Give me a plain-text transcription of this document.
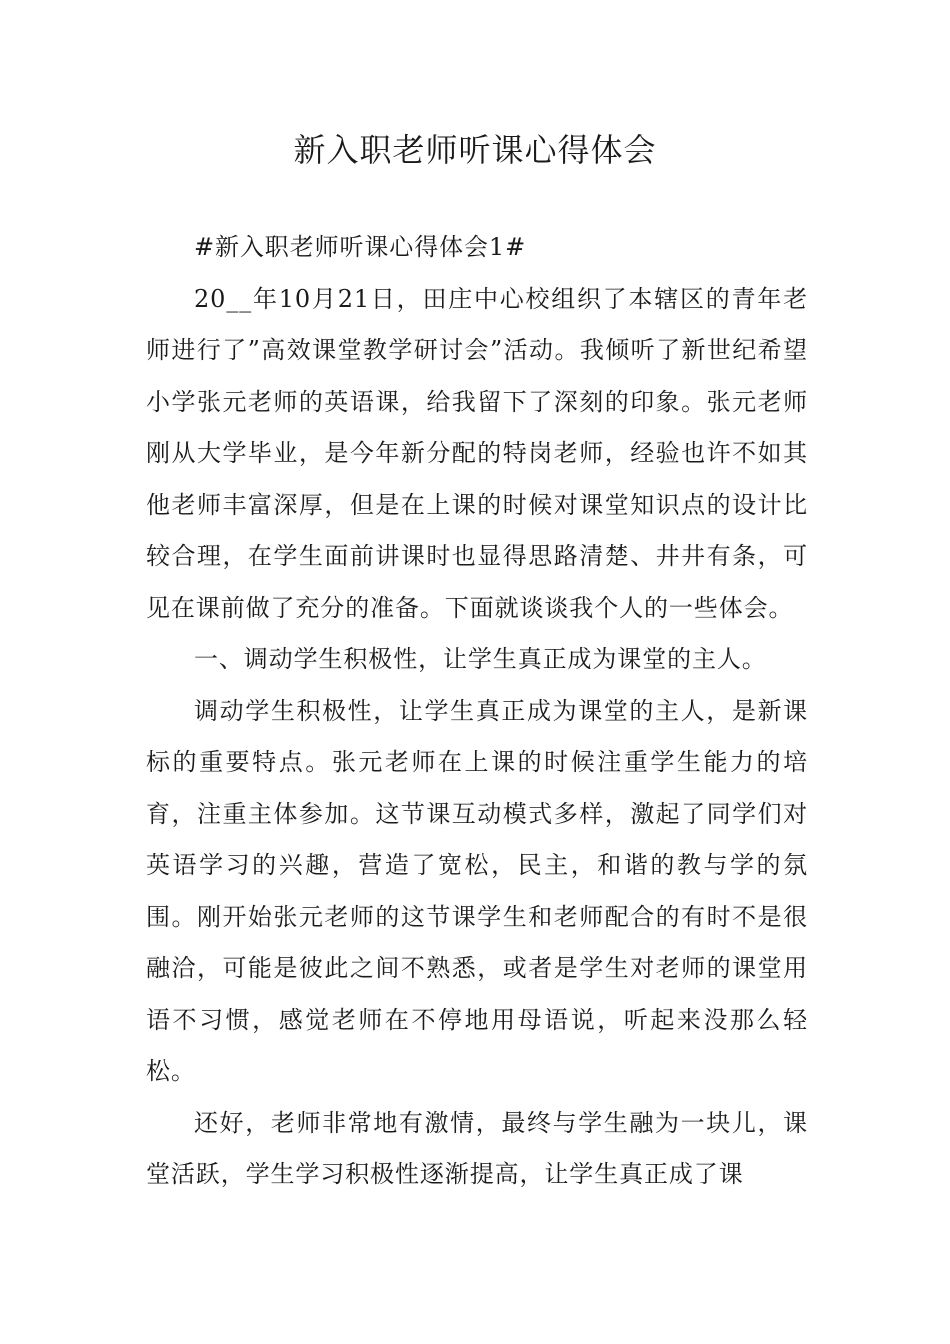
新入职老师听课心得体会

#新入职老师听课心得体会1#

20__年10月21日，田庄中心校组织了本辖区的青年老师进行了”高效课堂教学研讨会”活动。我倾听了新世纪希望小学张元老师的英语课，给我留下了深刻的印象。张元老师刚从大学毕业，是今年新分配的特岗老师，经验也许不如其他老师丰富深厚，但是在上课的时候对课堂知识点的设计比较合理，在学生面前讲课时也显得思路清楚、井井有条，可见在课前做了充分的准备。下面就谈谈我个人的一些体会。

一、调动学生积极性，让学生真正成为课堂的主人。

调动学生积极性，让学生真正成为课堂的主人，是新课标的重要特点。张元老师在上课的时候注重学生能力的培育，注重主体参加。这节课互动模式多样，激起了同学们对英语学习的兴趣，营造了宽松，民主，和谐的教与学的氛围。刚开始张元老师的这节课学生和老师配合的有时不是很融洽，可能是彼此之间不熟悉，或者是学生对老师的课堂用语不习惯，感觉老师在不停地用母语说，听起来没那么轻松。

还好，老师非常地有激情，最终与学生融为一块儿，课堂活跃，学生学习积极性逐渐提高，让学生真正成了课
